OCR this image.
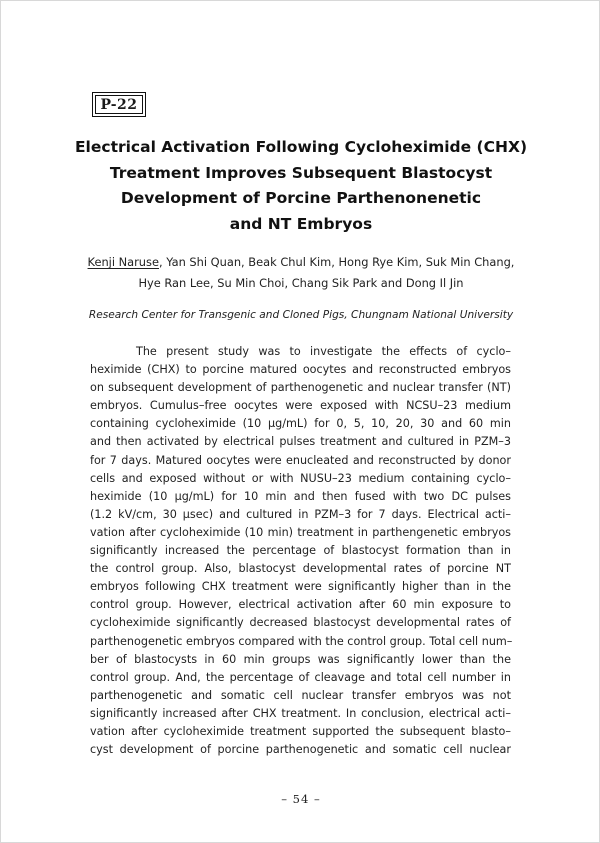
P-22
Electrical Activation Following Cycloheximide (CHX)
Treatment Improves Subsequent Blastocyst
Development of Porcine Parthenonenetic
and NT Embryos
Kenji Naruse, Yan Shi Quan, Beak Chul Kim, Hong Rye Kim, Suk Min Chang,
Hye Ran Lee, Su Min Choi, Chang Sik Park and Dong Il Jin
Research Center for Transgenic and Cloned Pigs, Chungnam National University
The present study was to investigate the effects of cyclo–
heximide (CHX) to porcine matured oocytes and reconstructed embryos
on subsequent development of parthenogenetic and nuclear transfer (NT)
embryos. Cumulus–free oocytes were exposed with NCSU–23 medium
containing cycloheximide (10 μg/mL) for 0, 5, 10, 20, 30 and 60 min
and then activated by electrical pulses treatment and cultured in PZM–3
for 7 days. Matured oocytes were enucleated and reconstructed by donor
cells and exposed without or with NUSU–23 medium containing cyclo–
heximide (10 μg/mL) for 10 min and then fused with two DC pulses
(1.2 kV/cm, 30 μsec) and cultured in PZM–3 for 7 days. Electrical acti–
vation after cycloheximide (10 min) treatment in parthengenetic embryos
significantly increased the percentage of blastocyst formation than in
the control group. Also, blastocyst developmental rates of porcine NT
embryos following CHX treatment were significantly higher than in the
control group. However, electrical activation after 60 min exposure to
cycloheximide significantly decreased blastocyst developmental rates of
parthenogenetic embryos compared with the control group. Total cell num–
ber of blastocysts in 60 min groups was significantly lower than the
control group. And, the percentage of cleavage and total cell number in
parthenogenetic and somatic cell nuclear transfer embryos was not
significantly increased after CHX treatment. In conclusion, electrical acti–
vation after cycloheximide treatment supported the subsequent blasto–
cyst development of porcine parthenogenetic and somatic cell nuclear
– 54 –
